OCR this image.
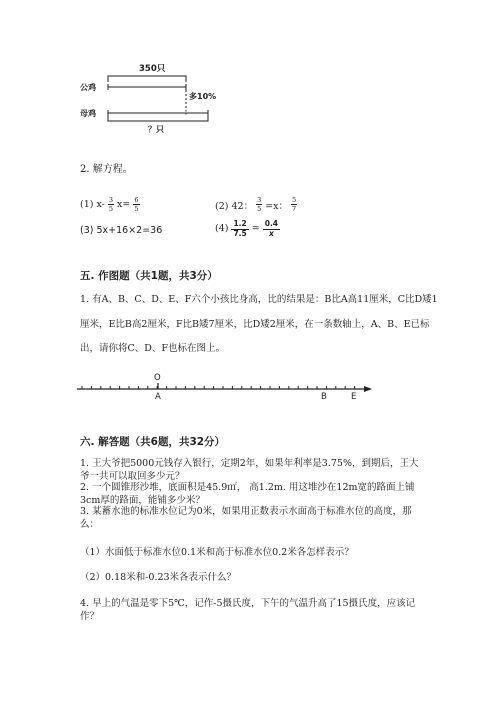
350只
公鸡
母鸡
多10%
？只
2. 解方程。
(1) $x- \frac{3}{5} x= \frac{6}{5}$	(2) 42： $\frac{3}{5} =x$： $\frac{5}{7}$
(3) 5x+16×2=36	$(4) \frac{1.2}{7.5} = \frac{0.4}{x}$
五. 作图题（共1题，共3分）
1. 有A、B、C、D、E、F六个小孩比身高，比的结果是：B比A高11厘米，C比D矮1厘米，E比B高2厘米，F比B矮7厘米，比D矮2厘米，在一条数轴上，A、B、E已标出，请你将C、D、F也标在图上。
O
A	B	E
六. 解答题（共6题，共32分）
1. 王大爷把5000元钱存入银行，定期2年，如果年利率是3.75%，到期后，王大爷一共可以取回多少元？
2. 一个圆锥形沙堆，底面积是45.9㎡， 高1.2m. 用这堆沙在12m宽的路面上铺3cm厚的路面，能铺多少米？
3. 某蓄水池的标准水位记为0米，如果用正数表示水面高于标准水位的高度，那么：
（1）水面低于标准水位0.1米和高于标准水位0.2米各怎样表示？
（2）0.18米和-0.23米各表示什么？
4. 早上的气温是零下5℃，记作-5摄氏度，下午的气温升高了15摄氏度，应该记作？
